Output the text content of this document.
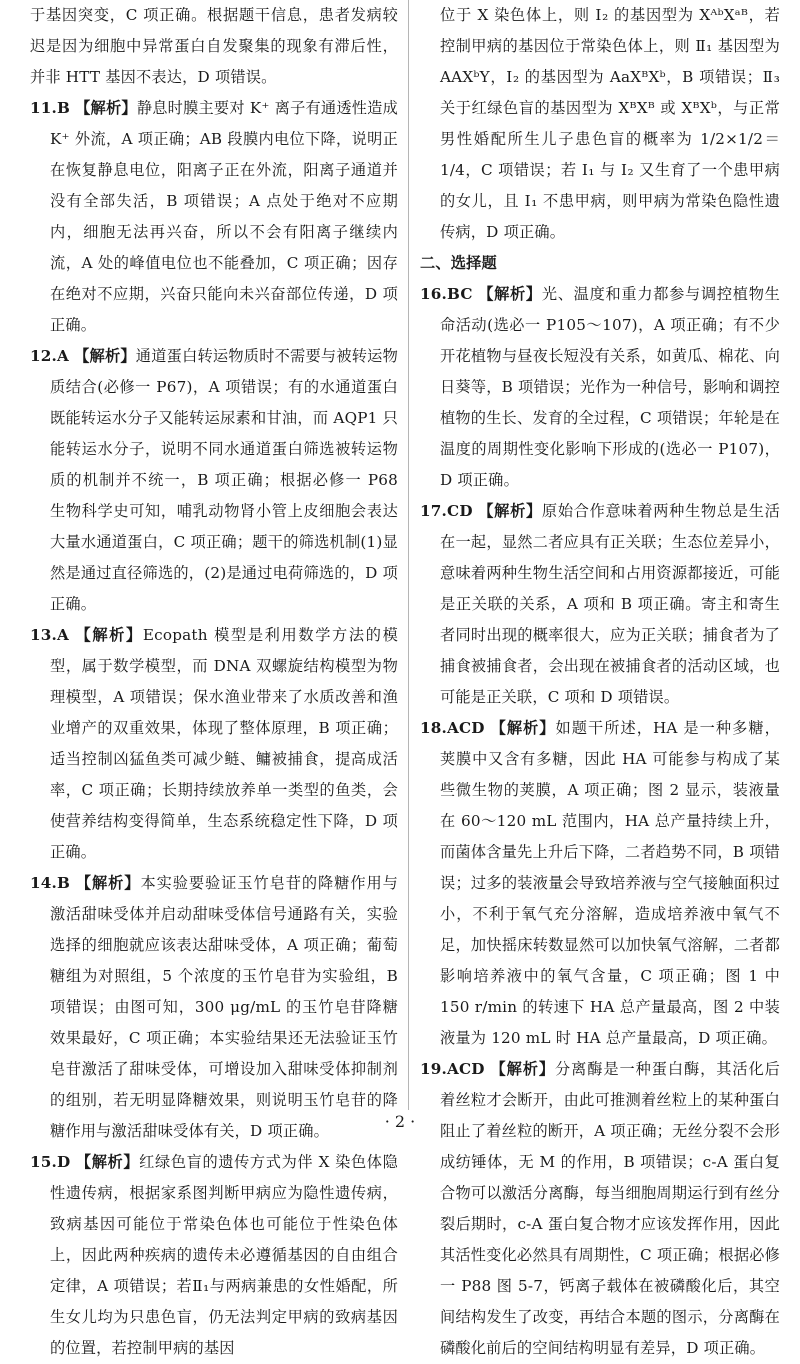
于基因突变，C 项正确。根据题干信息，患者发病较迟是因为细胞中异常蛋白自发聚集的现象有滞后性，并非 HTT 基因不表达，D 项错误。

11.B 【解析】静息时膜主要对 K⁺ 离子有通透性造成 K⁺ 外流，A 项正确；AB 段膜内电位下降，说明正在恢复静息电位，阳离子正在外流，阳离子通道并没有全部失活，B 项错误；A 点处于绝对不应期内，细胞无法再兴奋，所以不会有阳离子继续内流，A 处的峰值电位也不能叠加，C 项正确；因存在绝对不应期，兴奋只能向未兴奋部位传递，D 项正确。
12.A 【解析】通道蛋白转运物质时不需要与被转运物质结合(必修一 P67)，A 项错误；有的水通道蛋白既能转运水分子又能转运尿素和甘油，而 AQP1 只能转运水分子，说明不同水通道蛋白筛选被转运物质的机制并不统一，B 项正确；根据必修一 P68 生物科学史可知，哺乳动物肾小管上皮细胞会表达大量水通道蛋白，C 项正确；题干的筛选机制(1)显然是通过直径筛选的，(2)是通过电荷筛选的，D 项正确。
13.A 【解析】Ecopath 模型是利用数学方法的模型，属于数学模型，而 DNA 双螺旋结构模型为物理模型，A 项错误；保水渔业带来了水质改善和渔业增产的双重效果，体现了整体原理，B 项正确；适当控制凶猛鱼类可减少鲢、鳙被捕食，提高成活率，C 项正确；长期持续放养单一类型的鱼类，会使营养结构变得简单，生态系统稳定性下降，D 项正确。
14.B 【解析】本实验要验证玉竹皂苷的降糖作用与激活甜味受体并启动甜味受体信号通路有关，实验选择的细胞就应该表达甜味受体，A 项正确；葡萄糖组为对照组，5 个浓度的玉竹皂苷为实验组，B 项错误；由图可知，300 μg/mL 的玉竹皂苷降糖效果最好，C 项正确；本实验结果还无法验证玉竹皂苷激活了甜味受体，可增设加入甜味受体抑制剂的组别，若无明显降糖效果，则说明玉竹皂苷的降糖作用与激活甜味受体有关，D 项正确。
15.D 【解析】红绿色盲的遗传方式为伴 X 染色体隐性遗传病，根据家系图判断甲病应为隐性遗传病，致病基因可能位于常染色体也可能位于性染色体上，因此两种疾病的遗传未必遵循基因的自由组合定律，A 项错误；若Ⅱ₁与两病兼患的女性婚配，所生女儿均为只患色盲，仍无法判定甲病的致病基因的位置，若控制甲病的基因

位于 X 染色体上，则 Ⅰ₂ 的基因型为 XᴬᵇXᵃᴮ，若控制甲病的基因位于常染色体上，则 Ⅱ₁ 基因型为 AAXᵇY，Ⅰ₂ 的基因型为 AaXᴮXᵇ，B 项错误；Ⅱ₃ 关于红绿色盲的基因型为 XᴮXᴮ 或 XᴮXᵇ，与正常男性婚配所生儿子患色盲的概率为 1/2×1/2＝1/4，C 项错误；若 Ⅰ₁ 与 Ⅰ₂ 又生育了一个患甲病的女儿，且 Ⅰ₁ 不患甲病，则甲病为常染色隐性遗传病，D 项正确。

二、选择题

16.BC 【解析】光、温度和重力都参与调控植物生命活动(选必一 P105～107)，A 项正确；有不少开花植物与昼夜长短没有关系，如黄瓜、棉花、向日葵等，B 项错误；光作为一种信号，影响和调控植物的生长、发育的全过程，C 项错误；年轮是在温度的周期性变化影响下形成的(选必一 P107)，D 项正确。
17.CD 【解析】原始合作意味着两种生物总是生活在一起，显然二者应具有正关联；生态位差异小，意味着两种生物生活空间和占用资源都接近，可能是正关联的关系，A 项和 B 项正确。寄主和寄生者同时出现的概率很大，应为正关联；捕食者为了捕食被捕食者，会出现在被捕食者的活动区域，也可能是正关联，C 项和 D 项错误。
18.ACD 【解析】如题干所述，HA 是一种多糖，荚膜中又含有多糖，因此 HA 可能参与构成了某些微生物的荚膜，A 项正确；图 2 显示，装液量在 60～120 mL 范围内，HA 总产量持续上升，而菌体含量先上升后下降，二者趋势不同，B 项错误；过多的装液量会导致培养液与空气接触面积过小，不利于氧气充分溶解，造成培养液中氧气不足，加快摇床转数显然可以加快氧气溶解，二者都影响培养液中的氧气含量，C 项正确；图 1 中 150 r/min 的转速下 HA 总产量最高，图 2 中装液量为 120 mL 时 HA 总产量最高，D 项正确。
19.ACD 【解析】分离酶是一种蛋白酶，其活化后着丝粒才会断开，由此可推测着丝粒上的某种蛋白阻止了着丝粒的断开，A 项正确；无丝分裂不会形成纺锤体，无 M 的作用，B 项错误；c-A 蛋白复合物可以激活分离酶，每当细胞周期运行到有丝分裂后期时，c-A 蛋白复合物才应该发挥作用，因此其活性变化必然具有周期性，C 项正确；根据必修一 P88 图 5-7，钙离子载体在被磷酸化后，其空间结构发生了改变，再结合本题的图示，分离酶在磷酸化前后的空间结构明显有差异，D 项正确。
· 2 ·
